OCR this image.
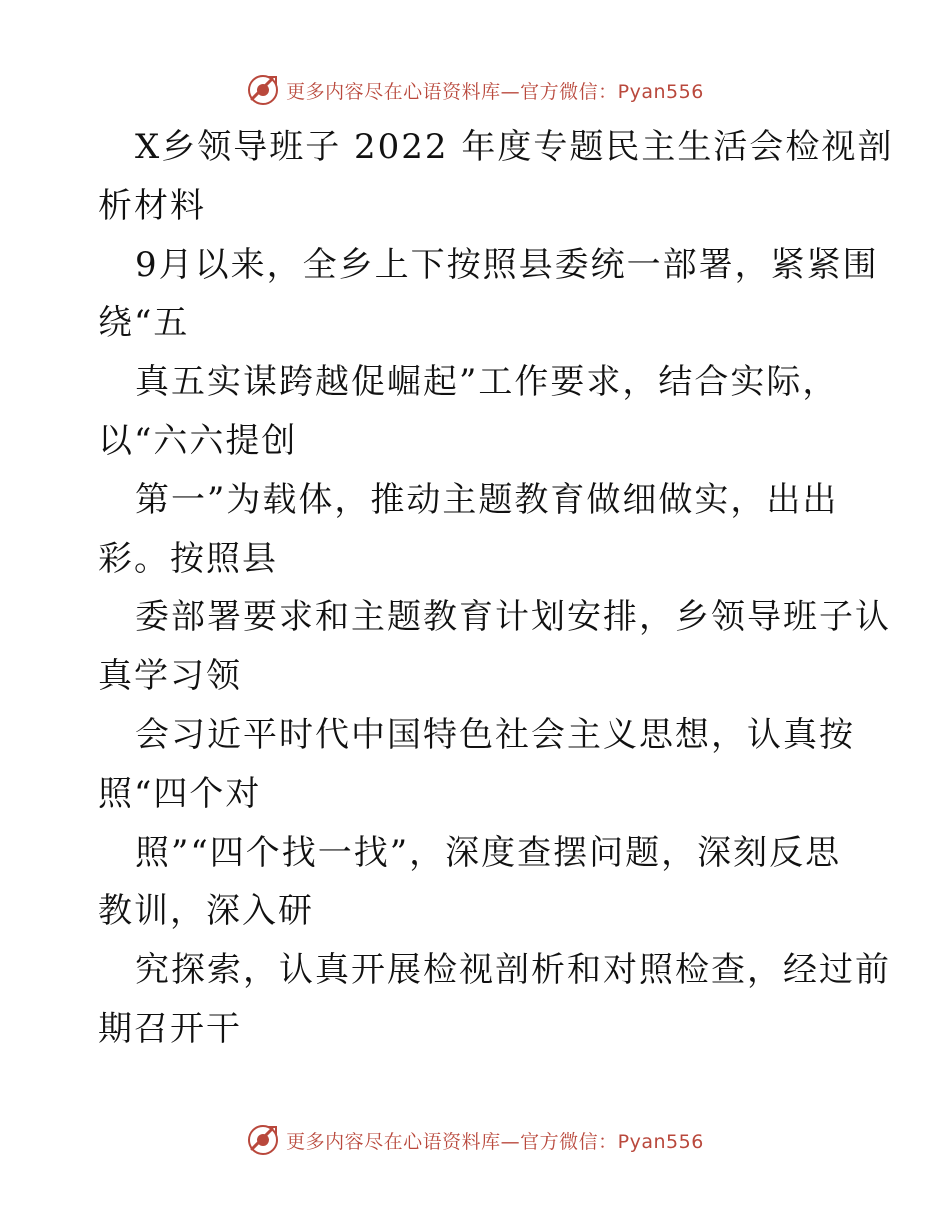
更多内容尽在心语资料库—官方微信：Pyan556
X乡领导班子 2022 年度专题民主生活会检视剖
析材料
9月以来，全乡上下按照县委统一部署，紧紧围
绕“五
真五实谋跨越促崛起”工作要求，结合实际，
以“六六提创
第一”为载体，推动主题教育做细做实，出出
彩。按照县
委部署要求和主题教育计划安排，乡领导班子认
真学习领
会习近平时代中国特色社会主义思想，认真按
照“四个对
照”“四个找一找”，深度查摆问题，深刻反思
教训，深入研
究探索，认真开展检视剖析和对照检查，经过前
期召开干
更多内容尽在心语资料库—官方微信：Pyan556
